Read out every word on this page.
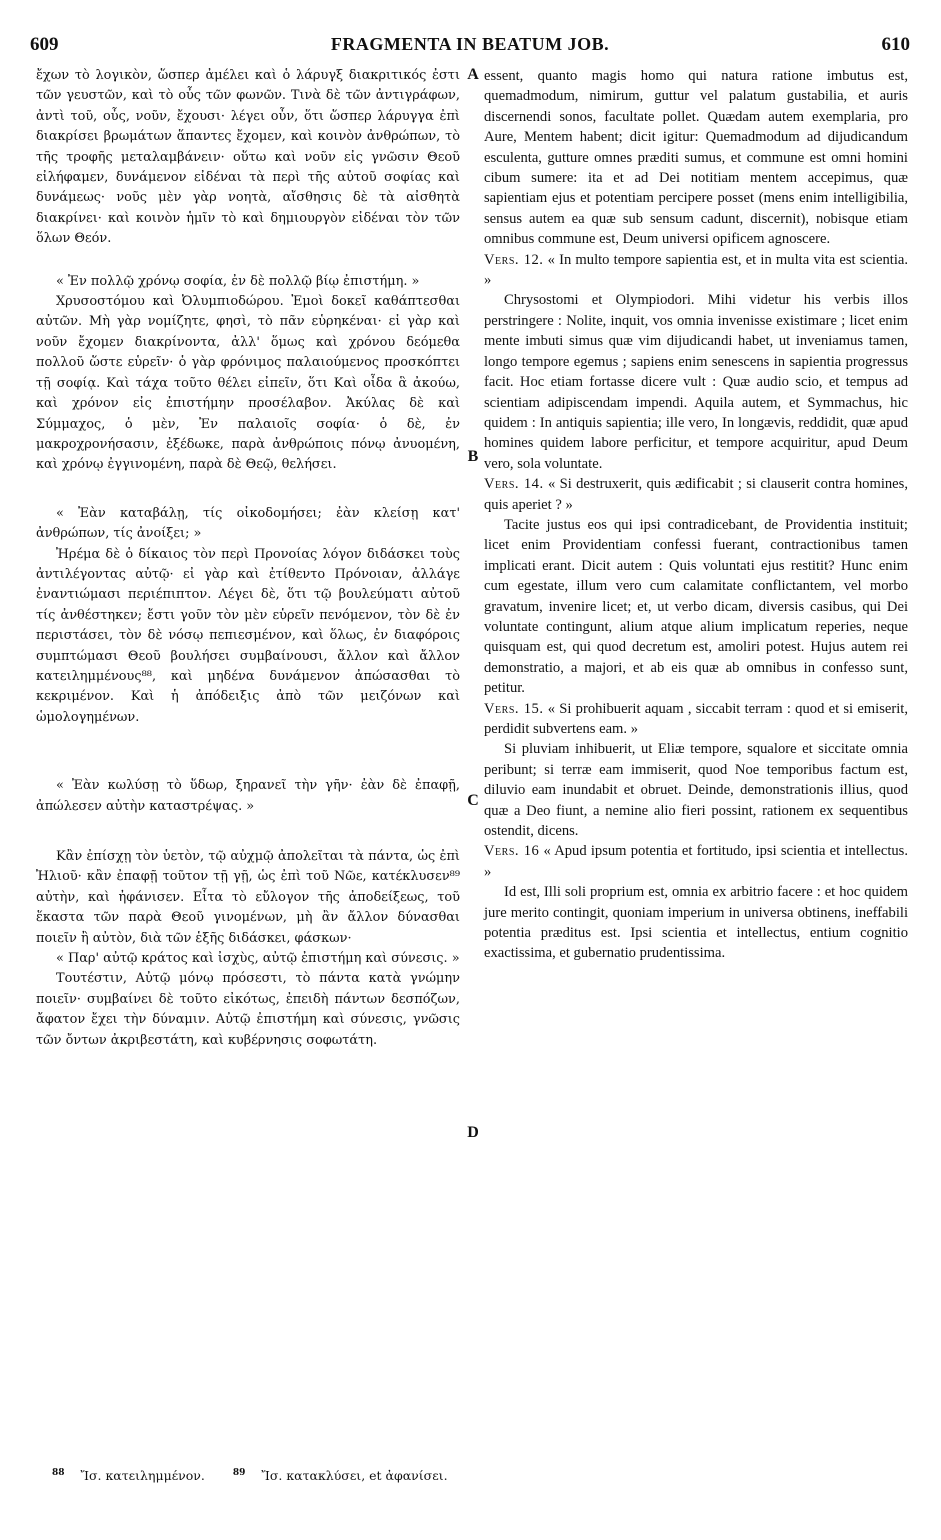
609	FRAGMENTA IN BEATUM JOB.	610

ἔχων τὸ λογικὸν, ὥσπερ ἀμέλει καὶ ὁ λάρυγξ διακριτικός ἐστι τῶν γευστῶν, καὶ τὸ οὖς τῶν φωνῶν. Τινὰ δὲ τῶν ἀντιγράφων, ἀντὶ τοῦ, οὖς, νοῦν, ἔχουσι· λέγει οὖν, ὅτι ὥσπερ λάρυγγα ἐπὶ διακρίσει βρωμάτων ἅπαντες ἔχομεν, καὶ κοινὸν ἀνθρώπων, τὸ τῆς τροφῆς μεταλαμβάνειν· οὕτω καὶ νοῦν εἰς γνῶσιν Θεοῦ εἰλήφαμεν, δυνάμενον εἰδέναι τὰ περὶ τῆς αὐτοῦ σοφίας καὶ δυνάμεως· νοῦς μὲν γὰρ νοητὰ, αἴσθησις δὲ τὰ αἰσθητὰ διακρίνει· καὶ κοινὸν ἡμῖν τὸ καὶ δημιουργὸν εἰδέναι τὸν τῶν ὅλων Θεόν.

« Ἐν πολλῷ χρόνῳ σοφία, ἐν δὲ πολλῷ βίῳ ἐπιστήμη. »

Χρυσοστόμου καὶ Ὀλυμπιοδώρου. Ἐμοὶ δοκεῖ καθάπτεσθαι αὐτῶν. Μὴ γὰρ νομίζητε, φησὶ, τὸ πᾶν εὑρηκέναι· εἰ γὰρ καὶ νοῦν ἔχομεν διακρίνοντα, ἀλλ' ὅμως καὶ χρόνου δεόμεθα πολλοῦ ὥστε εὑρεῖν· ὁ γὰρ φρόνιμος παλαιούμενος προσκόπτει τῇ σοφίᾳ. Καὶ τάχα τοῦτο θέλει εἰπεῖν, ὅτι Καὶ οἶδα ἃ ἀκούω, καὶ χρόνον εἰς ἐπιστήμην προσέλαβον. Ἀκύλας δὲ καὶ Σύμμαχος, ὁ μὲν, Ἐν παλαιοῖς σοφία· ὁ δὲ, ἐν μακροχρονήσασιν, ἐξέδωκε, παρὰ ἀνθρώποις πόνῳ ἀνυομένη, καὶ χρόνῳ ἐγγινομένη, παρὰ δὲ Θεῷ, θελήσει.

« Ἐὰν καταβάλῃ, τίς οἰκοδομήσει; ἐὰν κλείσῃ κατ' ἀνθρώπων, τίς ἀνοίξει; »

Ἠρέμα δὲ ὁ δίκαιος τὸν περὶ Προνοίας λόγον διδάσκει τοὺς ἀντιλέγοντας αὐτῷ· εἰ γὰρ καὶ ἐτίθεντο Πρόνοιαν, ἀλλάγε ἐναντιώμασι περιέπιπτον. Λέγει δὲ, ὅτι τῷ βουλεύματι αὐτοῦ τίς ἀνθέστηκεν; ἔστι γοῦν τὸν μὲν εὑρεῖν πενόμενον, τὸν δὲ ἐν περιστάσει, τὸν δὲ νόσῳ πεπιεσμένον, καὶ ὅλως, ἐν διαφόροις συμπτώμασι Θεοῦ βουλήσει συμβαίνουσι, ἄλλον καὶ ἄλλον κατειλημμένους⁸⁸, καὶ μηδένα δυνάμενον ἀπώσασθαι τὸ κεκριμένον. Καὶ ἡ ἀπόδειξις ἀπὸ τῶν μειζόνων καὶ ὡμολογημένων.

« Ἐὰν κωλύσῃ τὸ ὕδωρ, ξηρανεῖ τὴν γῆν· ἐὰν δὲ ἐπαφῇ, ἀπώλεσεν αὐτὴν καταστρέψας. »

Κἂν ἐπίσχῃ τὸν ὑετὸν, τῷ αὐχμῷ ἀπολεῖται τὰ πάντα, ὡς ἐπὶ Ἠλιοῦ· κἂν ἐπαφῇ τοῦτον τῇ γῇ, ὡς ἐπὶ τοῦ Νῶε, κατέκλυσεν⁸⁹ αὐτὴν, καὶ ἠφάνισεν. Εἶτα τὸ εὔλογον τῆς ἀποδείξεως, τοῦ ἕκαστα τῶν παρὰ Θεοῦ γινομένων, μὴ ἂν ἄλλον δύνασθαι ποιεῖν ἢ αὐτὸν, διὰ τῶν ἑξῆς διδάσκει, φάσκων·

« Παρ' αὐτῷ κράτος καὶ ἰσχὺς, αὐτῷ ἐπιστήμη καὶ σύνεσις. »

Τουτέστιν, Αὐτῷ μόνῳ πρόσεστι, τὸ πάντα κατὰ γνώμην ποιεῖν· συμβαίνει δὲ τοῦτο εἰκότως, ἐπειδὴ πάντων δεσπόζων, ἄφατον ἔχει τὴν δύναμιν. Αὐτῷ ἐπιστήμη καὶ σύνεσις, γνῶσις τῶν ὄντων ἀκριβεστάτη, καὶ κυβέρνησις σοφωτάτη.

A
B
C
D

essent, quanto magis homo qui natura ratione imbutus est, quemadmodum, nimirum, guttur vel palatum gustabilia, et auris discernendi sonos, facultate pollet. Quædam autem exemplaria, pro Aure, Mentem habent; dicit igitur: Quemadmodum ad dijudicandum esculenta, gutture omnes præditi sumus, et commune est omni homini cibum sumere: ita et ad Dei notitiam mentem accepimus, quæ sapientiam ejus et potentiam percipere posset (mens enim intelligibilia, sensus autem ea quæ sub sensum cadunt, discernit), nobisque etiam omnibus commune est, Deum universi opificem agnoscere.

Vers. 12. « In multo tempore sapientia est, et in multa vita est scientia. »

Chrysostomi et Olympiodori. Mihi videtur his verbis illos perstringere : Nolite, inquit, vos omnia invenisse existimare ; licet enim mente imbuti simus quæ vim dijudicandi habet, ut inveniamus tamen, longo tempore egemus ; sapiens enim senescens in sapientia progressus facit. Hoc etiam fortasse dicere vult : Quæ audio scio, et tempus ad scientiam adipiscendam impendi. Aquila autem, et Symmachus, hic quidem : In antiquis sapientia; ille vero, In longævis, reddidit, quæ apud homines quidem labore perficitur, et tempore acquiritur, apud Deum vero, sola voluntate.

Vers. 14. « Si destruxerit, quis ædificabit ; si clauserit contra homines, quis aperiet ? »

Tacite justus eos qui ipsi contradicebant, de Providentia instituit; licet enim Providentiam confessi fuerant, contractionibus tamen implicati erant. Dicit autem : Quis voluntati ejus restitit? Hunc enim cum egestate, illum vero cum calamitate conflictantem, vel morbo gravatum, invenire licet; et, ut verbo dicam, diversis casibus, qui Dei voluntate contingunt, alium atque alium implicatum reperies, neque quisquam est, qui quod decretum est, amoliri potest. Hujus autem rei demonstratio, a majori, et ab eis quæ ab omnibus in confesso sunt, petitur.

Vers. 15. « Si prohibuerit aquam , siccabit terram : quod et si emiserit, perdidit subvertens eam. »

Si pluviam inhibuerit, ut Eliæ tempore, squalore et siccitate omnia peribunt; si terræ eam immiserit, quod Noe temporibus factum est, diluvio eam inundabit et obruet. Deinde, demonstrationis illius, quod quæ a Deo fiunt, a nemine alio fieri possint, rationem ex sequentibus ostendit, dicens.

Vers. 16 « Apud ipsum potentia et fortitudo, ipsi scientia et intellectus. »

Id est, Illi soli proprium est, omnia ex arbitrio facere : et hoc quidem jure merito contingit, quoniam imperium in universa obtinens, ineffabili potentia præditus est. Ipsi scientia et intellectus, entium cognitio exactissima, et gubernatio prudentissima.

$^{88}$ Ἴσ. κατειλημμένον.	$^{89}$ Ἴσ. κατακλύσει, et ἀφανίσει.
